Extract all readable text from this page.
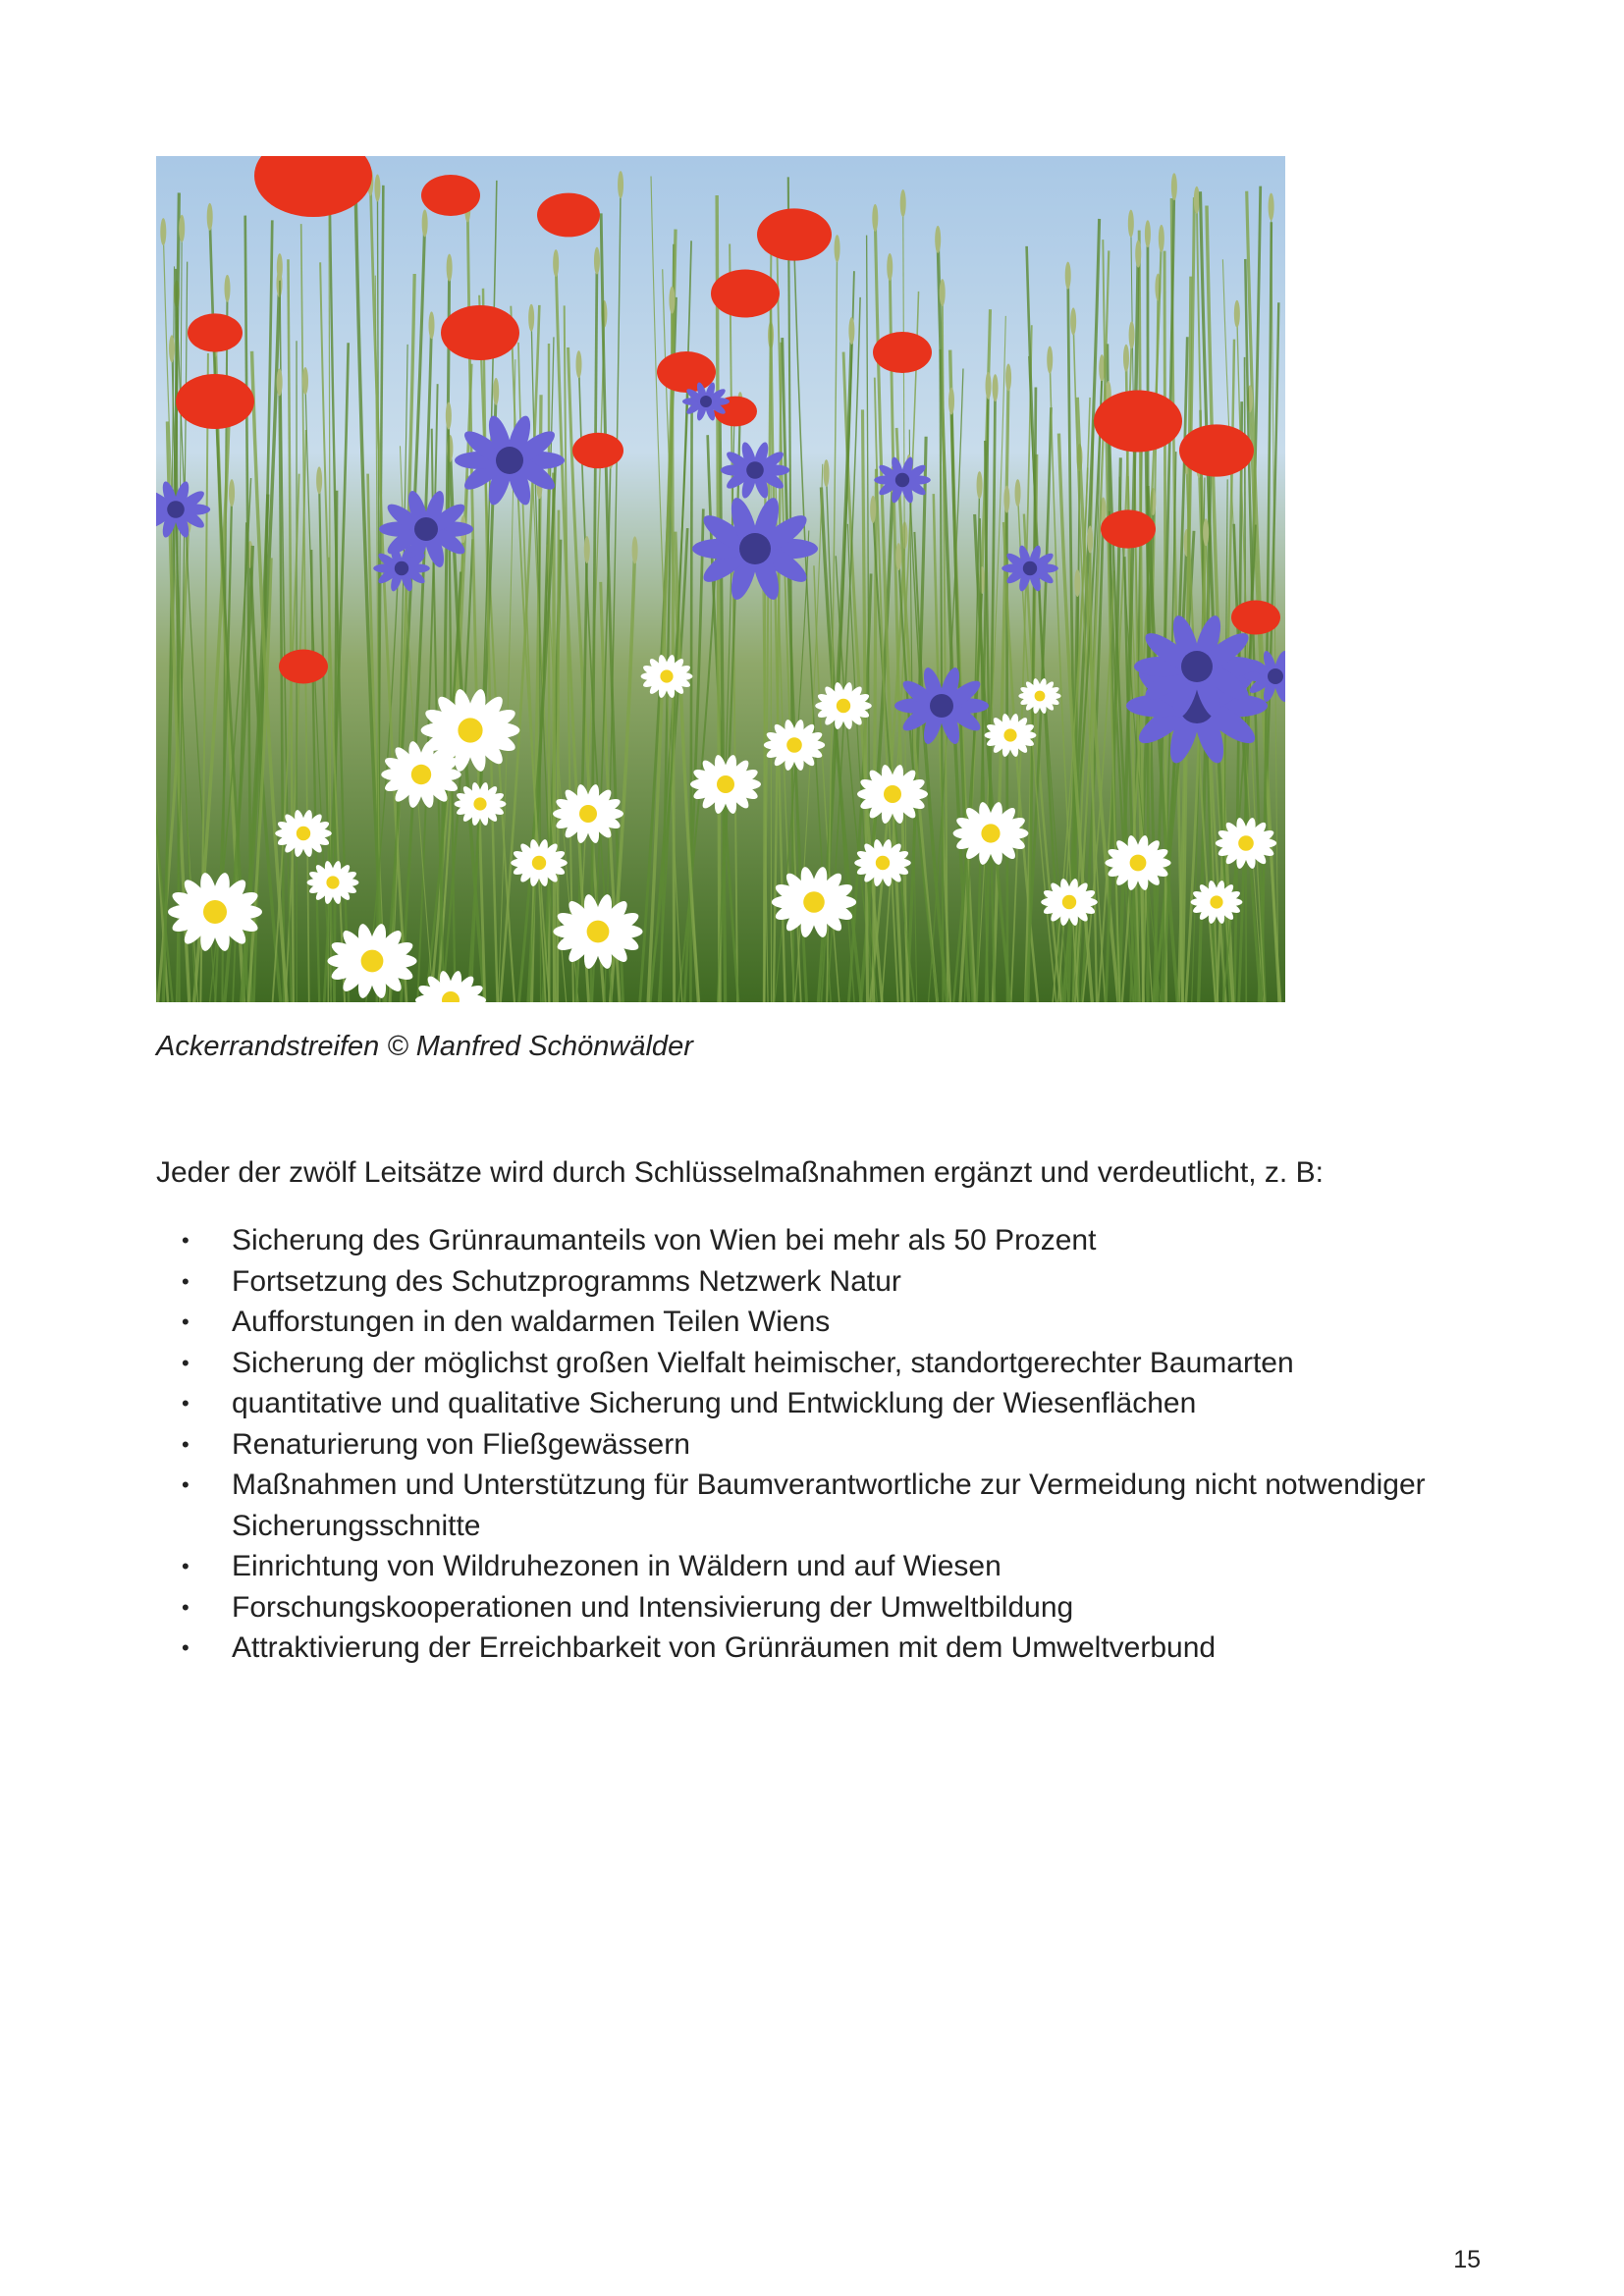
Ackerrandstreifen © Manfred Schönwälder
Jeder der zwölf Leitsätze wird durch Schlüsselmaßnahmen ergänzt und verdeutlicht, z. B:
• Sicherung des Grünraumanteils von Wien bei mehr als 50 Prozent
• Fortsetzung des Schutzprogramms Netzwerk Natur
• Aufforstungen in den waldarmen Teilen Wiens
• Sicherung der möglichst großen Vielfalt heimischer, standortgerechter Baumarten
• quantitative und qualitative Sicherung und Entwicklung der Wiesenflächen
• Renaturierung von Fließgewässern
• Maßnahmen und Unterstützung für Baumverantwortliche zur Vermeidung nicht notwendiger Sicherungsschnitte
• Einrichtung von Wildruhezonen in Wäldern und auf Wiesen
• Forschungskooperationen und Intensivierung der Umweltbildung
• Attraktivierung der Erreichbarkeit von Grünräumen mit dem Umweltverbund
15
